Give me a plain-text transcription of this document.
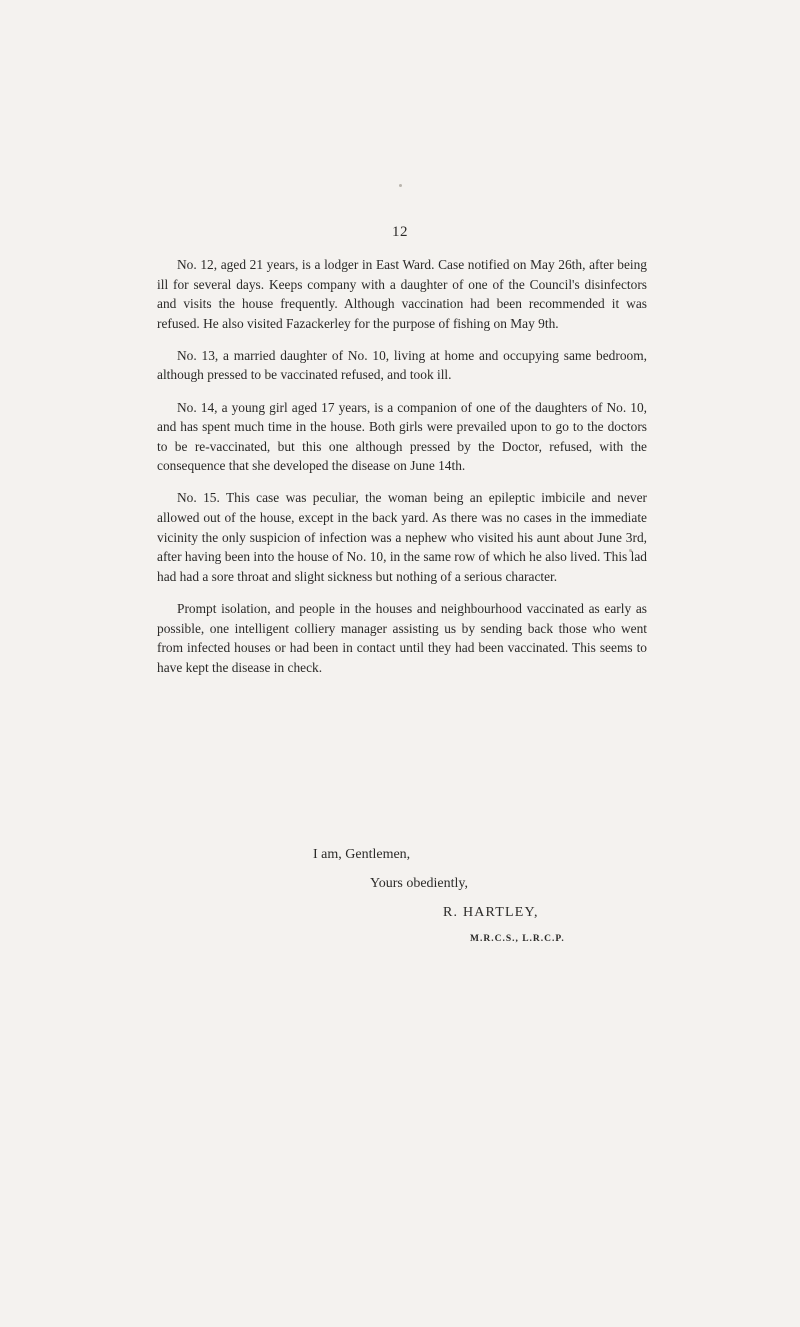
12

No. 12, aged 21 years, is a lodger in East Ward. Case notified on May 26th, after being ill for several days. Keeps company with a daughter of one of the Council's disinfectors and visits the house frequently. Although vaccination had been recommended it was refused. He also visited Fazackerley for the purpose of fishing on May 9th.

No. 13, a married daughter of No. 10, living at home and occupying same bedroom, although pressed to be vaccinated refused, and took ill.

No. 14, a young girl aged 17 years, is a companion of one of the daughters of No. 10, and has spent much time in the house. Both girls were prevailed upon to go to the doctors to be re-vaccinated, but this one although pressed by the Doctor, refused, with the consequence that she developed the disease on June 14th.

No. 15. This case was peculiar, the woman being an epileptic imbicile and never allowed out of the house, except in the back yard. As there was no cases in the immediate vicinity the only suspicion of infection was a nephew who visited his aunt about June 3rd, after having been into the house of No. 10, in the same row of which he also lived. This lad had had a sore throat and slight sickness but nothing of a serious character.

Prompt isolation, and people in the houses and neighbourhood vaccinated as early as possible, one intelligent colliery manager assisting us by sending back those who went from infected houses or had been in contact until they had been vaccinated. This seems to have kept the disease in check.

I am, Gentlemen,
Yours obediently,
R. HARTLEY,
M.R.C.S., L.R.C.P.
